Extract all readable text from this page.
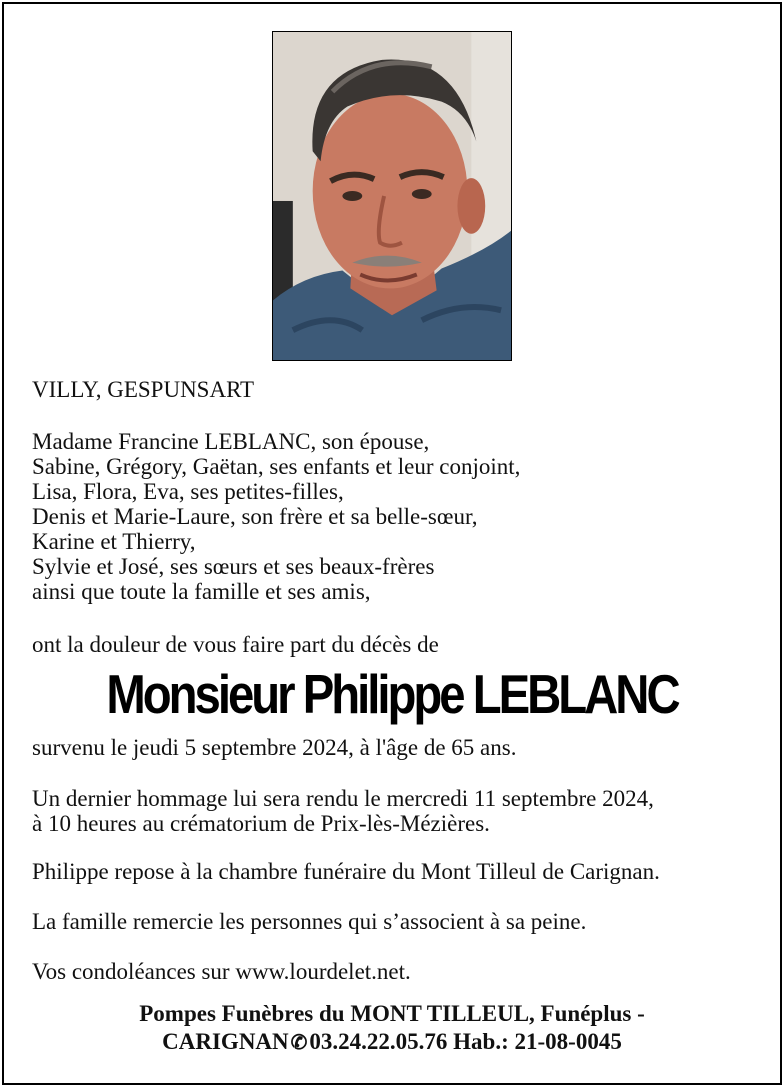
VILLY, GESPUNSART
Madame Francine LEBLANC, son épouse,
Sabine, Grégory, Gaëtan, ses enfants et leur conjoint,
Lisa, Flora, Eva, ses petites-filles,
Denis et Marie-Laure, son frère et sa belle-sœur,
Karine et Thierry,
Sylvie et José, ses sœurs et ses beaux-frères
ainsi que toute la famille et ses amis,
ont la douleur de vous faire part du décès de
Monsieur Philippe LEBLANC
survenu le jeudi 5 septembre 2024, à l'âge de 65 ans.
Un dernier hommage lui sera rendu le mercredi 11 septembre 2024,
à 10 heures au crématorium de Prix-lès-Mézières.
Philippe repose à la chambre funéraire du Mont Tilleul de Carignan.
La famille remercie les personnes qui s’associent à sa peine.
Vos condoléances sur www.lourdelet.net.
Pompes Funèbres du MONT TILLEUL, Funéplus -
CARIGNAN ✆03.24.22.05.76 Hab.: 21-08-0045
